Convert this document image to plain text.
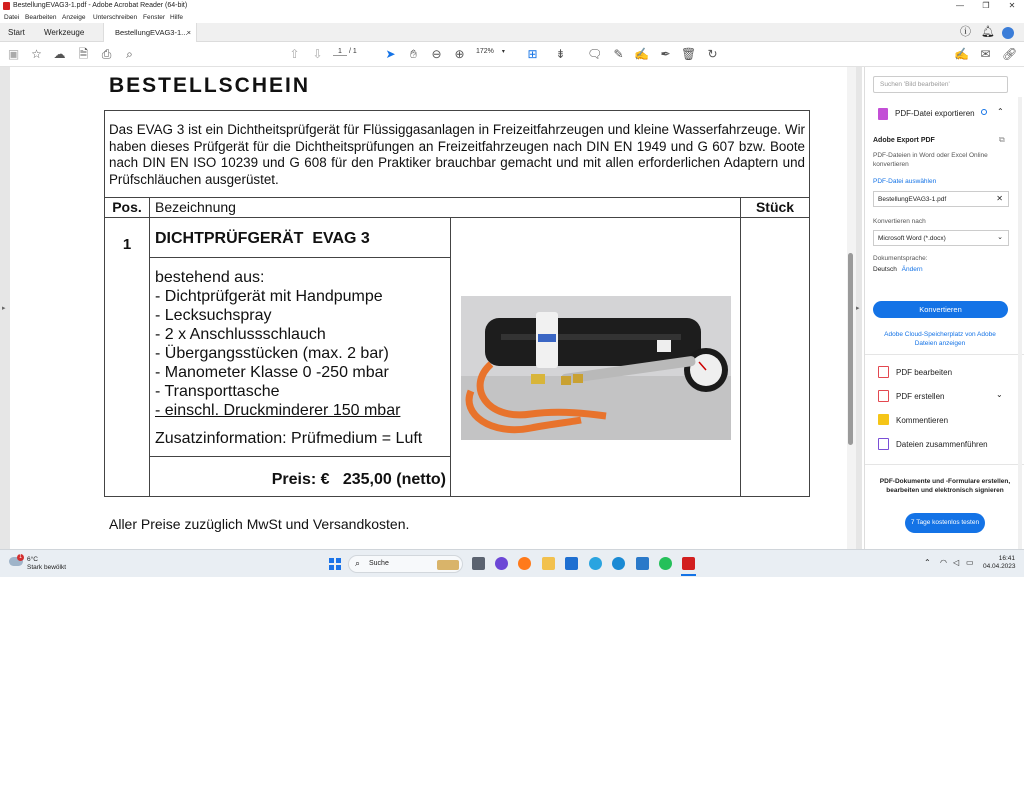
BestellungEVAG3-1.pdf - Adobe Acrobat Reader (64-bit)	—	❐	✕
Datei Bearbeiten Anzeige Unterschreiben Fenster Hilfe
Start Werkzeuge	BestellungEVAG3-1... ×	ⓘ 🔔︎
▣ ☆ ☁ 🗎 ⎙	⌕	⇧ ⇩	1 / 1 ➤	✋︎	⊖ ⊕	172% ▾	⊞ ⇟ 🗨 ✎ ✍ ✒ 🗑 ↻	✍ ✉ 🔗︎
▸	▸
BESTELLSCHEIN
Das EVAG 3 ist ein Dichtheitsprüfgerät für Flüssiggasanlagen in Freizeitfahrzeugen und kleine Wasserfahrzeuge. Wir haben dieses Prüfgerät für die Dichtheitsprüfungen an Freizeitfahrzeugen nach DIN EN 1949 und G 607 bzw. Boote nach DIN EN ISO 10239 und G 608 für den Praktiker brauchbar gemacht und mit allen erforderlichen Adaptern und Prüfschläuchen ausgerüstet.
Pos. Bezeichnung	Stück
1	DICHTPRÜFGERÄT  EVAG 3
bestehend aus:
- Dichtprüfgerät mit Handpumpe
- Lecksuchspray
- 2 x Anschlussschlauch
- Übergangsstücken (max. 2 bar)
- Manometer Klasse 0 -250 mbar
- Transporttasche
- einschl. Druckminderer 150 mbar
Zusatzinformation: Prüfmedium = Luft
Preis: €   235,00 (netto)
Aller Preise zuzüglich MwSt und Versandkosten.
Suchen 'Bild bearbeiten'
PDF-Datei exportieren	⌃
Adobe Export PDF	⧉
PDF-Dateien in Word oder Excel Online konvertieren
PDF-Datei auswählen
BestellungEVAG3-1.pdf	✕
Konvertieren nach
Microsoft Word (*.docx)	⌄
Dokumentsprache:
Deutsch Ändern
Konvertieren
Adobe Cloud-Speicherplatz von Adobe Dateien anzeigen
PDF bearbeiten
PDF erstellen	⌄
Kommentieren
Dateien zusammenführen
PDF-Dokumente und -Formulare erstellen, bearbeiten und elektronisch signieren
7 Tage kostenlos testen
1 6°C
Stark bewölkt	⌕ Suche	⌃ ◠ ◁ ▭	16:41
04.04.2023
